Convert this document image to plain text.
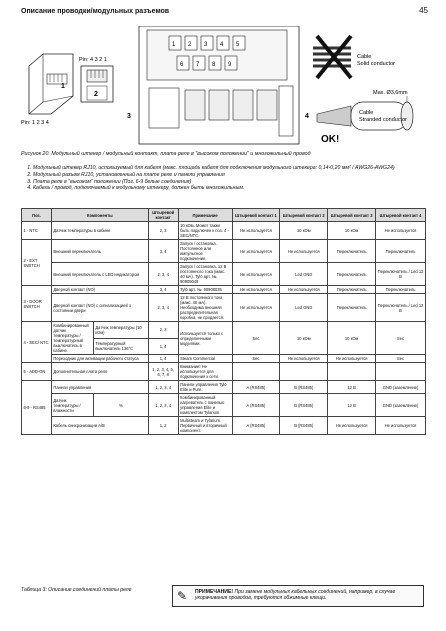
Описание проводки/модульных разъемов	45
Pin: 1 2 3 4
1
Pin: 4 3 2 1
2
3
1 2 3 4 5
6 7 8 9
Cable
Solid conductor
Max. Ø3,6mm
4	Cable
Stranded conductor
OK!
Рисунок 20. Модульный штекер / модульный контакт, плата реле в "высоком положении" и многожильный провод
1. Модульный штекер RJ10, используемый для кабеля (макс. площадь кабеля для подключения модульного штекера: 0,14-0,20 мм² / AWG26-AWG24)
2. Модульный разъем RJ10, установленный на плате реле и панели управления
3. Плата реле в "высоком" положении (Поз. 6-9 белые соединения)
4. Кабель / провод, подключаемый к модульному штекеру, должен быть многожильным.
Поз.	Компоненты		Штыревой контакт	Примечание	Штыревой контакт 1	Штыревой контакт 2	Штыревой контакт 3	Штыревой контакт 4
1 - NTC	Датчик температуры в кабине		2, 3	10 кОм. Может также быть подключен к поз. 4 - SEC/NTC.	Не используется	10 кОм	10 кОм	Не используется
2 - EXT SWITCH	Внешний переключатель		3, 4	Запуск / остановка. Постоянное или импульсное подключение.	Не используется	Не используется	Переключатель	Переключатель
	Внешний переключатель с LED индикатором		2, 3, 4	Запуск / остановка. 12 В постоянного тока (макс. 40 мА). Tylö арт. №. 90905048	Не используется	Led GND	Переключатель	Переключатель / Led 12 В
3 - DOOR SWITCH	Дверной контакт (NO)		3, 4	Tylö арт. №. 90908035	Не используется	Не используется	Переключатель	Переключатель
	Дверной контакт (NO) с сигнализацией о состоянии двери		2, 3, 4	12 В постоянного тока (макс. 40 мА). Необходима внешняя распределительная коробка, не продается.	Не используется	Led GND	Переключатель	Переключатель / Led 12 В
4 - SEC/ NTC	Комбинированный датчик температуры / температурный выключатель в кабине.	Датчик температуры (10 кОм)	2, 3	Используется только с определенными моделями.	Sec	10 кОм	10 кОм	Sec
		Температурный выключатель 136°C	1, 4					
	Переходник для активации рабочего статуса		1, 4	Steam Commercial	Sec	Не используется	Не используется	Sec
5 - ADD-ON	Дополнительная плата реле		1, 2, 3, 4, 5, 6, 7, 8	Внимание! Не используется для подключения к сети.				
6-9 - RS485	Панели управления		1, 2, 3, 4	Панели управления Tylö Elite и Pure.	A (RS485)	B (RS485)	12 В	GND (заземление)
	Датчик температуры / влажности	%	1, 2, 3, 4	Комбинированный нагреватель с панелью управления Elite и комплектом Tylarium.	A (RS485)	B (RS485)	12 В	GND (заземление)
	Кабель синхронизации A/B		1, 2	Multisteam и Tylarium. Первичный и вторичный компонент.	A (RS485)	B (RS485)	Не используется	Не используется
Таблица 3: Описание соединений платы реле	✎ ПРИМЕЧАНИЕ! При замене модульных кабельных соединений, например, в случае укорачивания проводов, требуются обжимные клещи.
